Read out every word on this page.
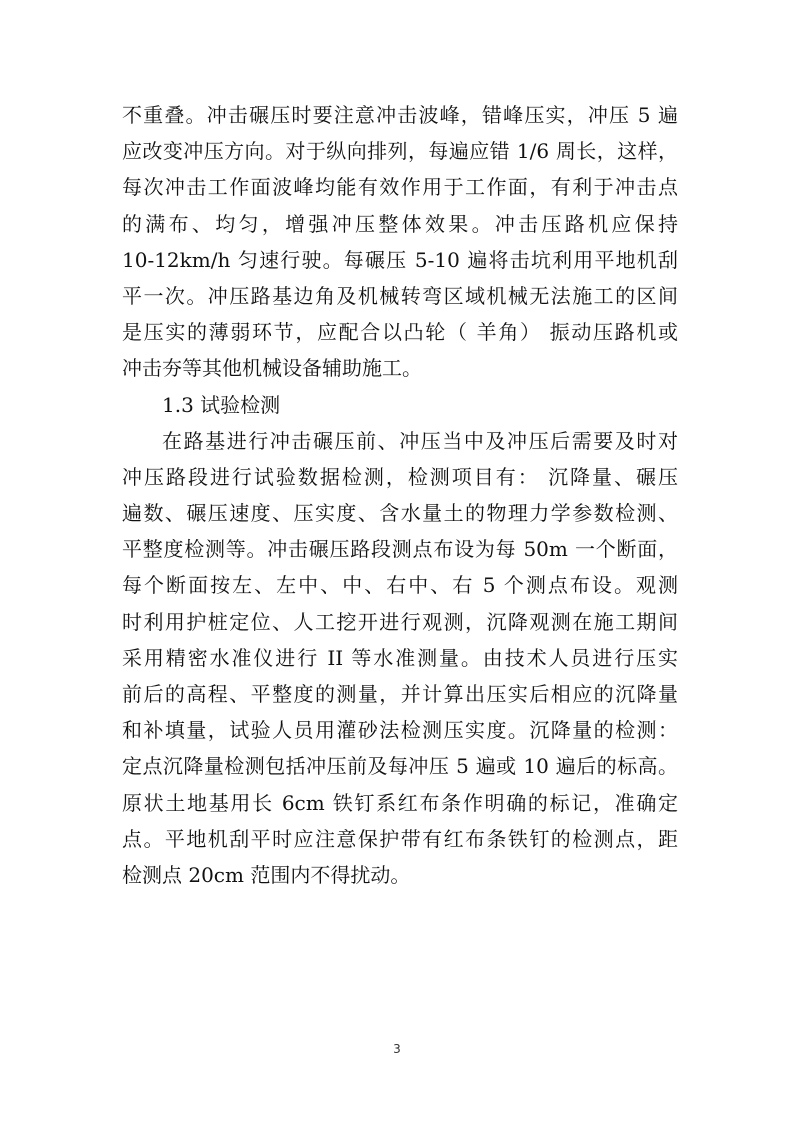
不重叠。冲击碾压时要注意冲击波峰，错峰压实，冲压 5 遍
应改变冲压方向。对于纵向排列，每遍应错 1/6 周长，这样，
每次冲击工作面波峰均能有效作用于工作面，有利于冲击点
的满布、均匀，增强冲压整体效果。冲击压路机应保持
10-12km/h 匀速行驶。每碾压 5-10 遍将击坑利用平地机刮
平一次。冲压路基边角及机械转弯区域机械无法施工的区间
是压实的薄弱环节，应配合以凸轮（ 羊角） 振动压路机或
冲击夯等其他机械设备辅助施工。
1.3 试验检测
在路基进行冲击碾压前、冲压当中及冲压后需要及时对
冲压路段进行试验数据检测，检测项目有： 沉降量、碾压
遍数、碾压速度、压实度、含水量土的物理力学参数检测、
平整度检测等。冲击碾压路段测点布设为每 50m 一个断面，
每个断面按左、左中、中、右中、右 5 个测点布设。观测
时利用护桩定位、人工挖开进行观测，沉降观测在施工期间
采用精密水准仪进行 II 等水准测量。由技术人员进行压实
前后的高程、平整度的测量，并计算出压实后相应的沉降量
和补填量，试验人员用灌砂法检测压实度。沉降量的检测：
定点沉降量检测包括冲压前及每冲压 5 遍或 10 遍后的标高。
原状土地基用长 6cm 铁钉系红布条作明确的标记，准确定
点。平地机刮平时应注意保护带有红布条铁钉的检测点，距
检测点 20cm 范围内不得扰动。
3
